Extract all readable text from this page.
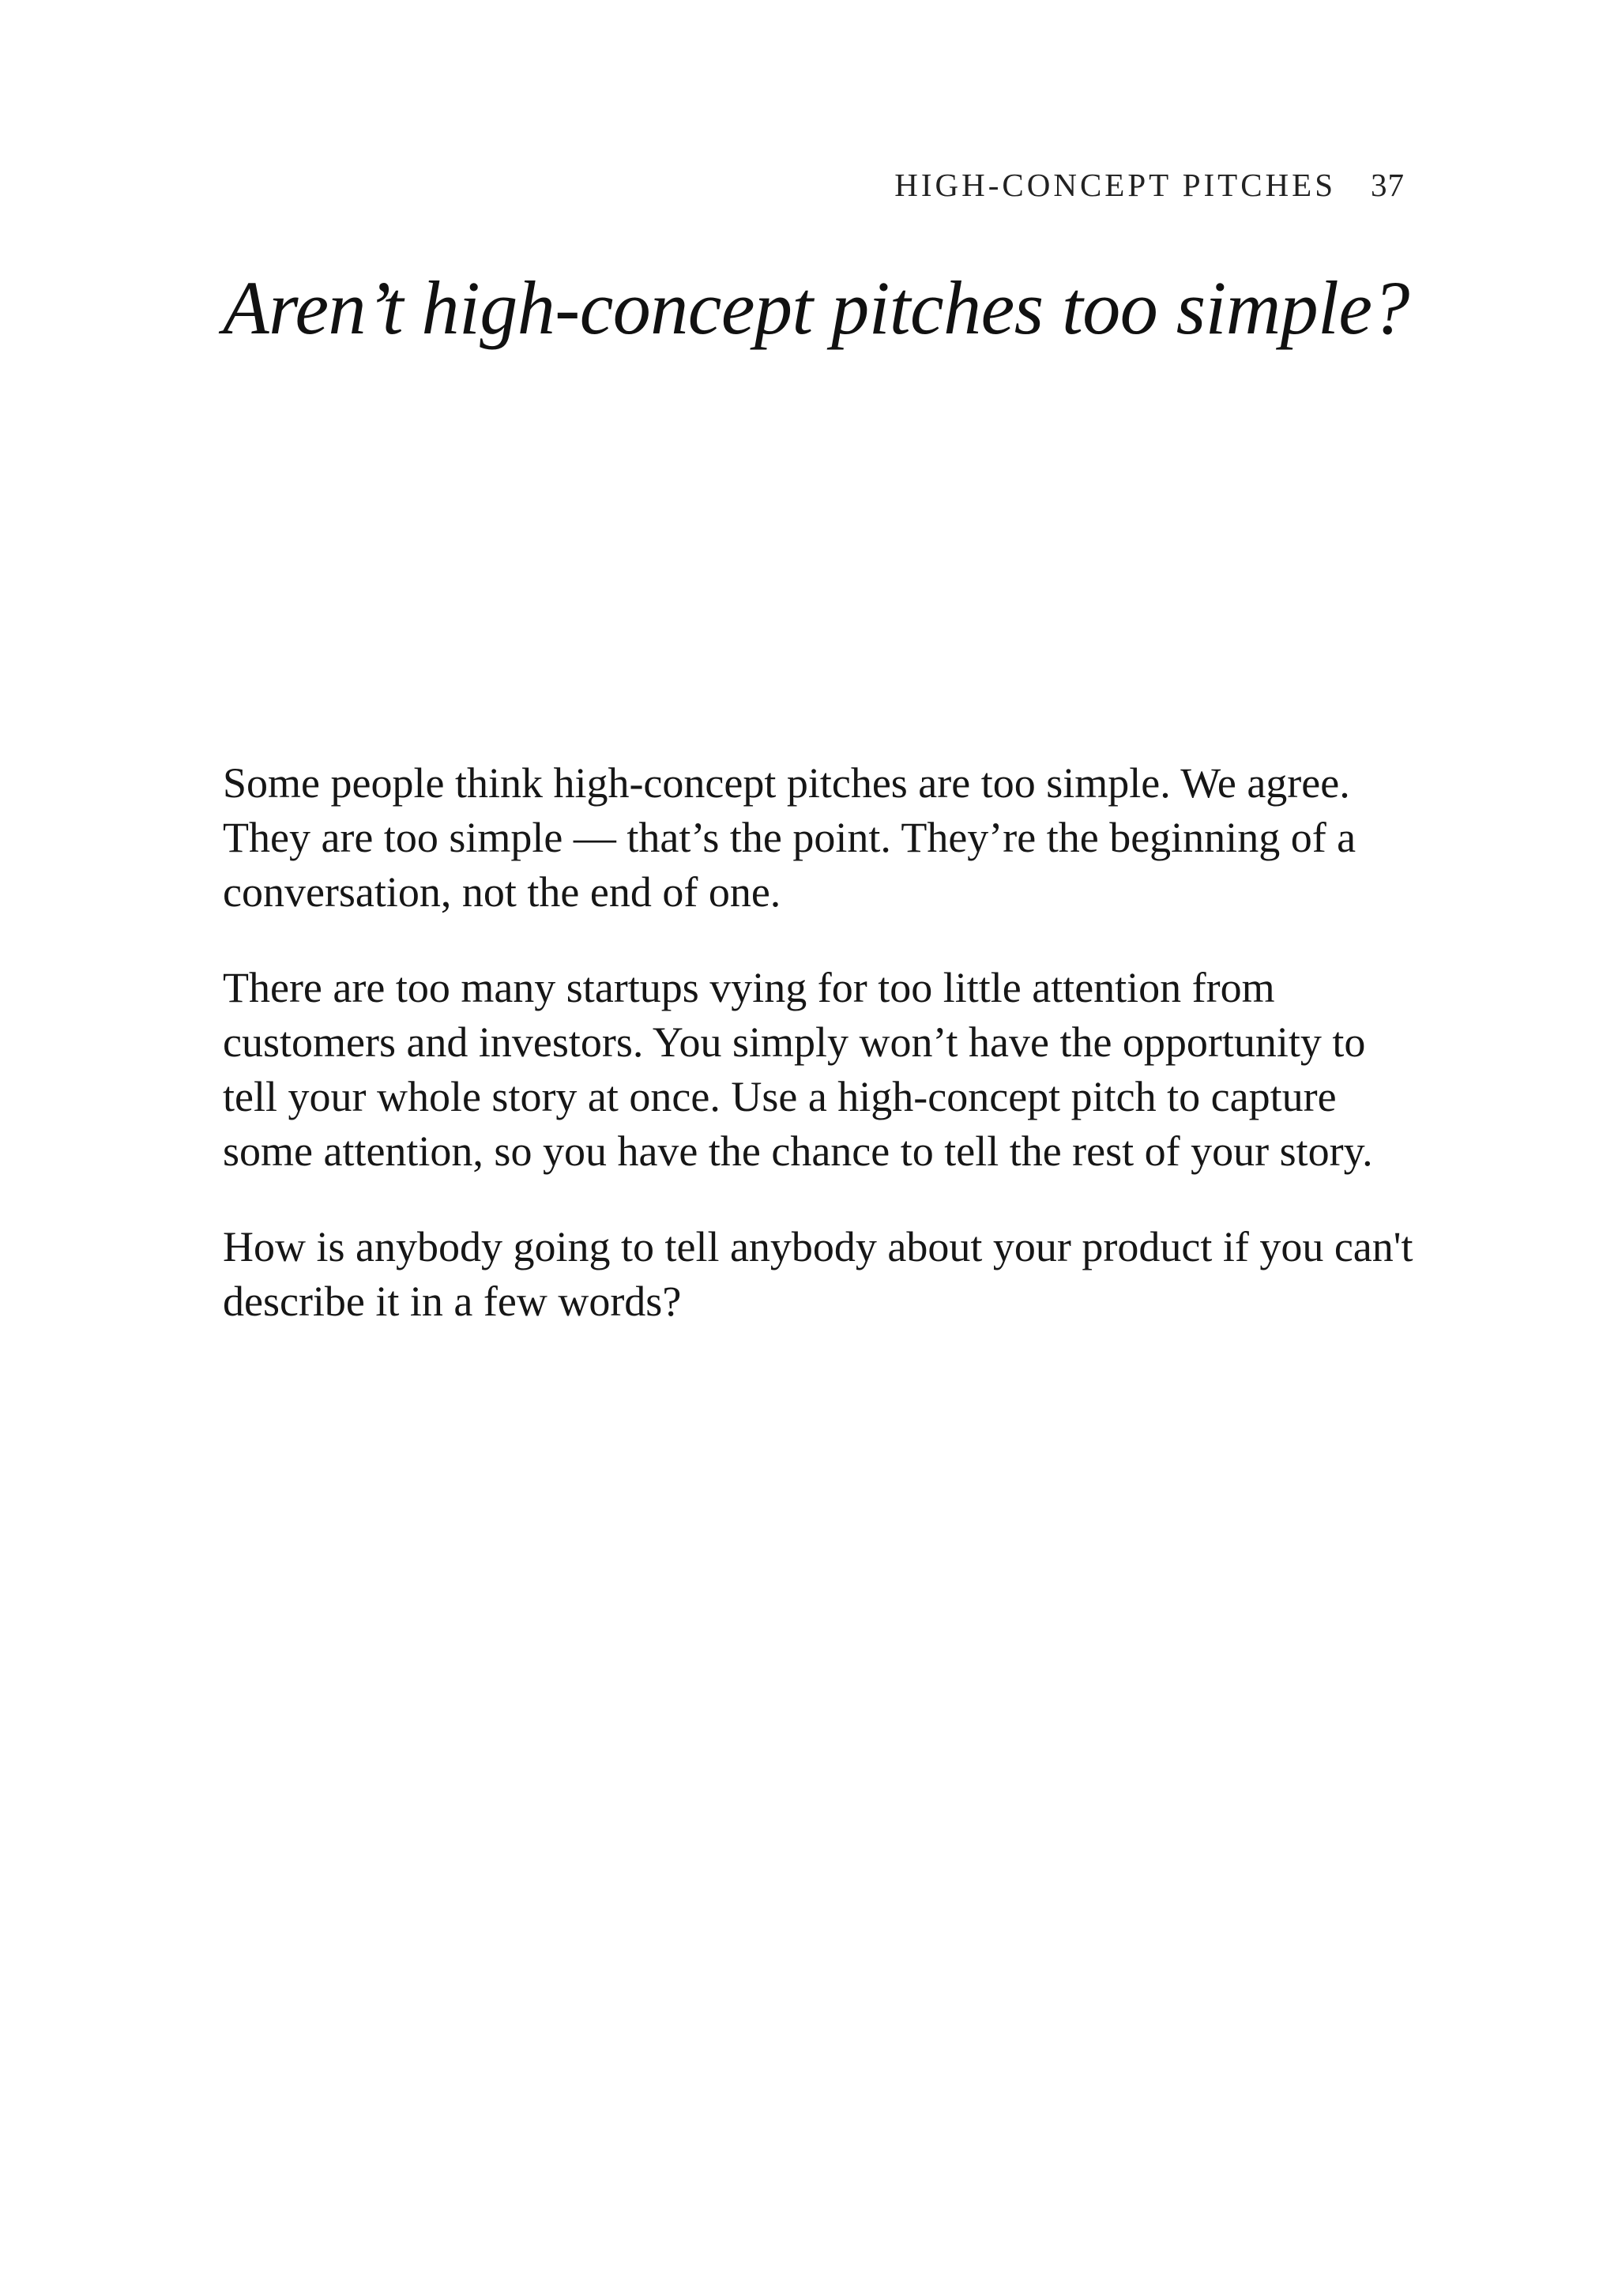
HIGH-CONCEPT PITCHES 37
Aren’t high-concept pitches too simple?

Some people think high-concept pitches are too simple. We agree. They are too simple — that’s the point. They’re the beginning of a conversation, not the end of one.

There are too many startups vying for too little attention from customers and investors. You simply won’t have the opportunity to tell your whole story at once. Use a high-concept pitch to capture some attention, so you have the chance to tell the rest of your story.

How is anybody going to tell anybody about your product if you can't describe it in a few words?
